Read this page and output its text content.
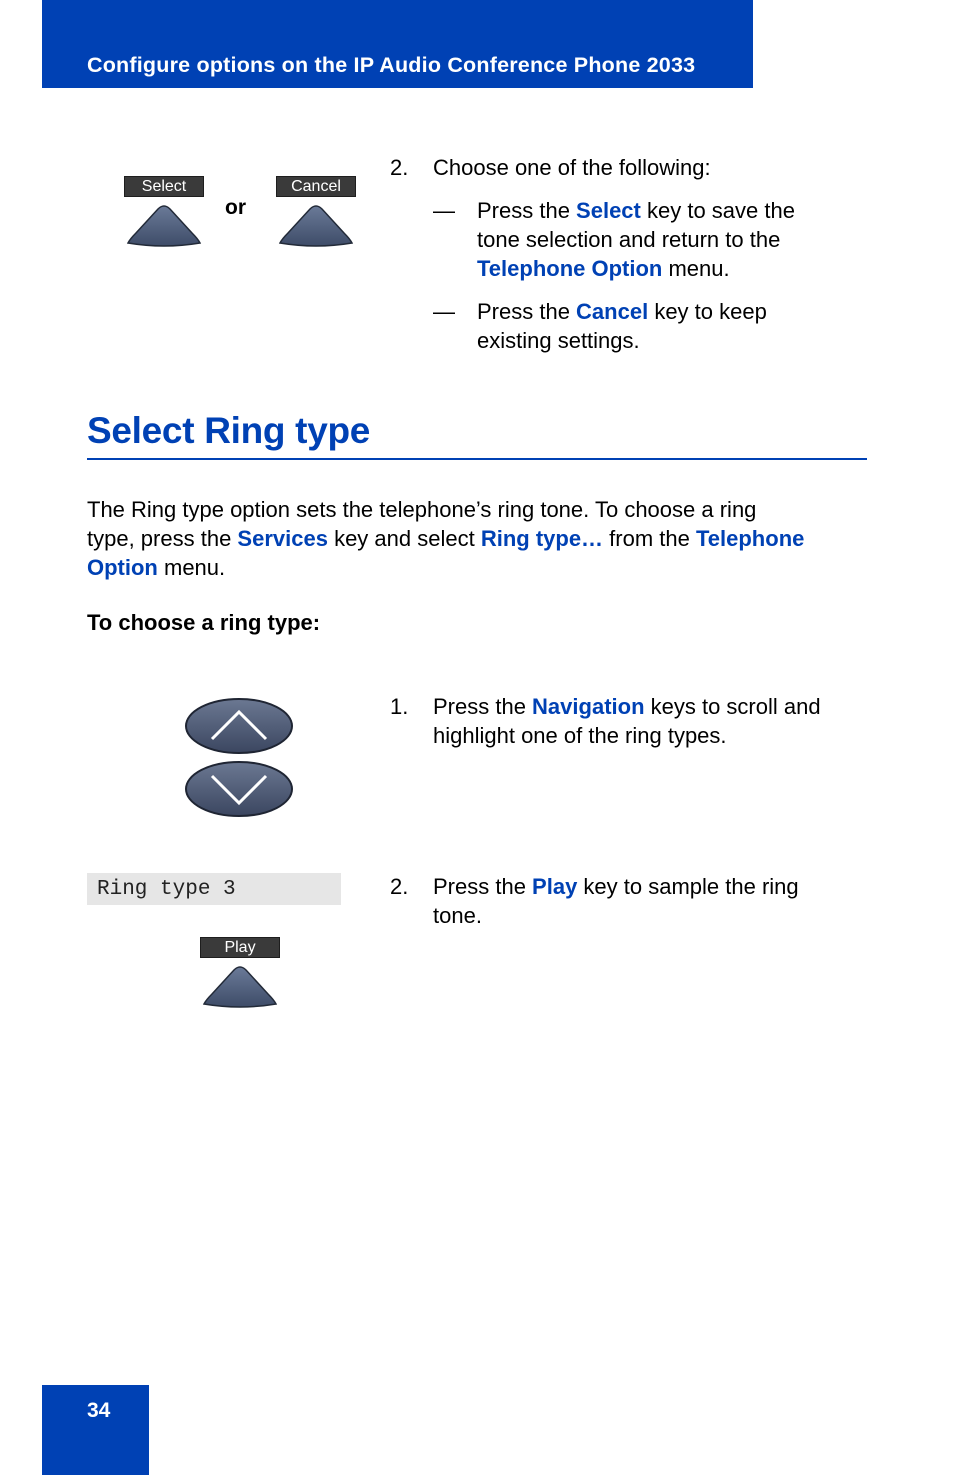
Configure options on the IP Audio Conference Phone 2033
Select
or
Cancel
2. Choose one of the following:
— Press the Select key to save the
tone selection and return to the
Telephone Option menu.
— Press the Cancel key to keep
existing settings.
Select Ring type
The Ring type option sets the telephone’s ring tone. To choose a ring
type, press the Services key and select Ring type… from the Telephone
Option menu.
To choose a ring type:
1. Press the Navigation keys to scroll and
highlight one of the ring types.
Ring type 3
Play
2. Press the Play key to sample the ring
tone.
34
